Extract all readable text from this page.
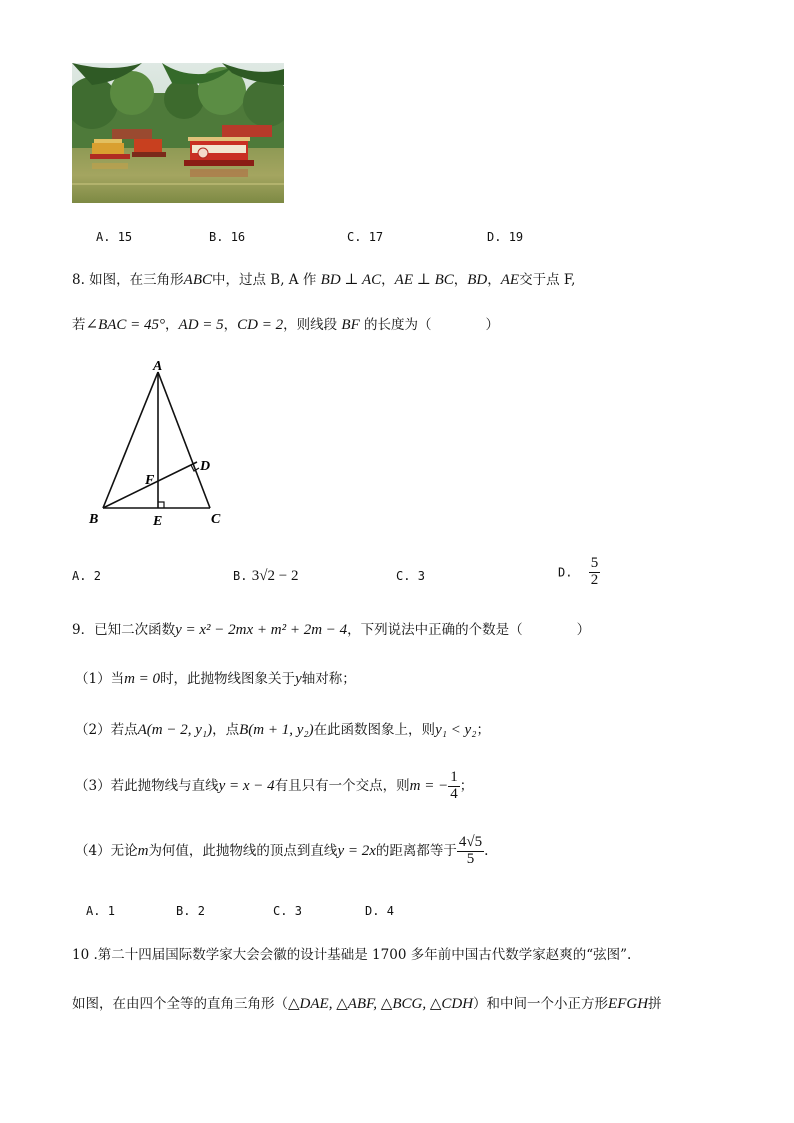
A. 15	B. 16	C. 17	D. 19
8. 如图，在三角形ABC中，过点 B, A 作 BD ⊥ AC，AE ⊥ BC，BD，AE交于点 F,
若∠BAC = 45°，AD = 5，CD = 2，则线段 BF 的长度为（　　　　）
A
B	C
D
E
F
A. 2	B. 3√2 − 2	C. 3	D. $\frac{5}{2}$
9．已知二次函数y = x² − 2mx + m² + 2m − 4，下列说法中正确的个数是（　　　　）
（1）当m = 0时，此抛物线图象关于y轴对称；
（2）若点A(m − 2, y₁)，点B(m + 1, y₂)在此函数图象上，则y₁ < y₂；
（3）若此抛物线与直线y = x − 4有且只有一个交点，则m = − $\frac{1}{4}$ ；
（4）无论m为何值，此抛物线的顶点到直线y = 2x的距离都等于 $\frac{4√5}{5}$ .
A. 1	B. 2	C. 3	D. 4
10 .第二十四届国际数学家大会会徽的设计基础是 1700 多年前中国古代数学家赵爽的“弦图”.
如图，在由四个全等的直角三角形（△DAE, △ABF, △BCG, △CDH）和中间一个小正方形EFGH拼
